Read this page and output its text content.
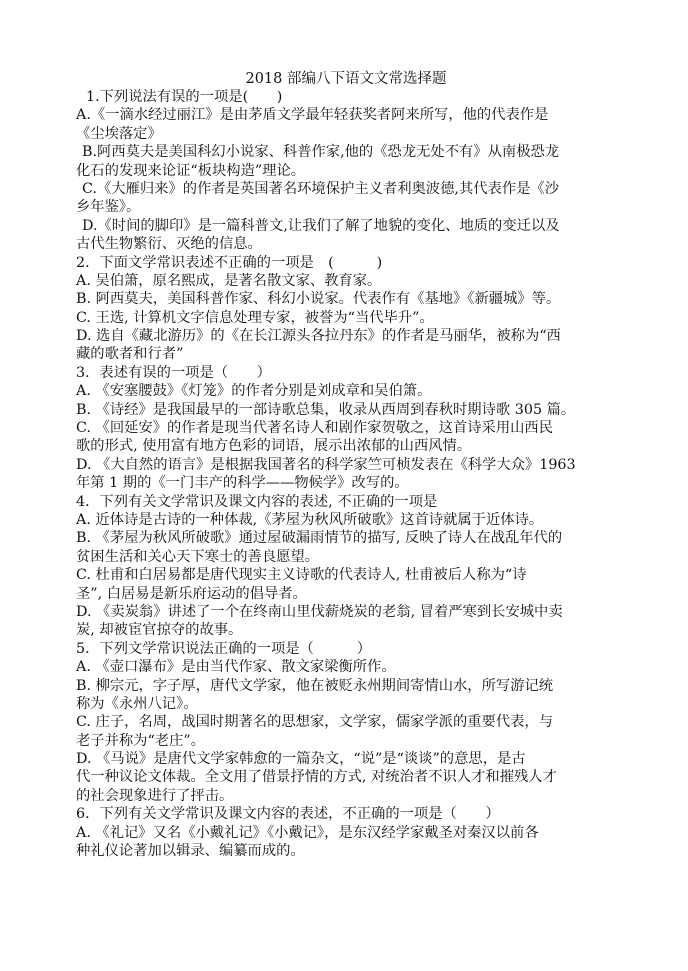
2018 部编八下语文文常选择题
1.下列说法有误的一项是(　　)
A.《一滴水经过丽江》是由茅盾文学最年轻获奖者阿来所写，他的代表作是
《尘埃落定》
B.阿西莫夫是美国科幻小说家、科普作家,他的《恐龙无处不有》从南极恐龙
化石的发现来论证“板块构造”理论。
C.《大雁归来》的作者是英国著名环境保护主义者利奥波德,其代表作是《沙
乡年鉴》。
D.《时间的脚印》是一篇科普文,让我们了解了地貌的变化、地质的变迁以及
古代生物繁衍、灭绝的信息。
2．下面文学常识表述不正确的一项是　(　　　)
A. 吴伯箫，原名熙成，是著名散文家、教育家。
B. 阿西莫夫，美国科普作家、科幻小说家。代表作有《基地》《新疆城》等。
C. 王选, 计算机文字信息处理专家，被誉为“当代毕升”。
D. 选自《藏北游历》的《在长江源头各拉丹东》的作者是马丽华，被称为“西
藏的歌者和行者”
3．表述有误的一项是（　　）
A. 《安塞腰鼓》《灯笼》的作者分别是刘成章和吴伯箫。
B. 《诗经》是我国最早的一部诗歌总集，收录从西周到春秋时期诗歌 305 篇。
C. 《回延安》的作者是现当代著名诗人和剧作家贺敬之，这首诗采用山西民
歌的形式, 使用富有地方色彩的词语，展示出浓郁的山西风情。
D. 《大自然的语言》是根据我国著名的科学家竺可桢发表在《科学大众》1963
年第 1 期的《一门丰产的科学——物候学》改写的。
4．下列有关文学常识及课文内容的表述, 不正确的一项是
A. 近体诗是古诗的一种体裁,《茅屋为秋风所破歌》这首诗就属于近体诗。
B. 《茅屋为秋风所破歌》通过屋破漏雨情节的描写, 反映了诗人在战乱年代的
贫困生活和关心天下寒士的善良愿望。
C. 杜甫和白居易都是唐代现实主义诗歌的代表诗人, 杜甫被后人称为“诗
圣”, 白居易是新乐府运动的倡导者。
D. 《卖炭翁》讲述了一个在终南山里伐薪烧炭的老翁, 冒着严寒到长安城中卖
炭, 却被宦官掠夺的故事。
5．下列文学常识说法正确的一项是（　　　）
A. 《壶口瀑布》是由当代作家、散文家梁衡所作。
B. 柳宗元，字子厚，唐代文学家，他在被贬永州期间寄情山水，所写游记统
称为《永州八记》。
C. 庄子，名周，战国时期著名的思想家，文学家，儒家学派的重要代表，与
老子并称为“老庄”。
D. 《马说》是唐代文学家韩愈的一篇杂文，“说”是“谈谈”的意思，是古
代一种议论文体裁。全文用了借景抒情的方式, 对统治者不识人才和摧残人才
的社会现象进行了抨击。
6．下列有关文学常识及课文内容的表述，不正确的一项是（　　）
A. 《礼记》又名《小戴礼记》《小戴记》，是东汉经学家戴圣对秦汉以前各
种礼仪论著加以辑录、编纂而成的。
